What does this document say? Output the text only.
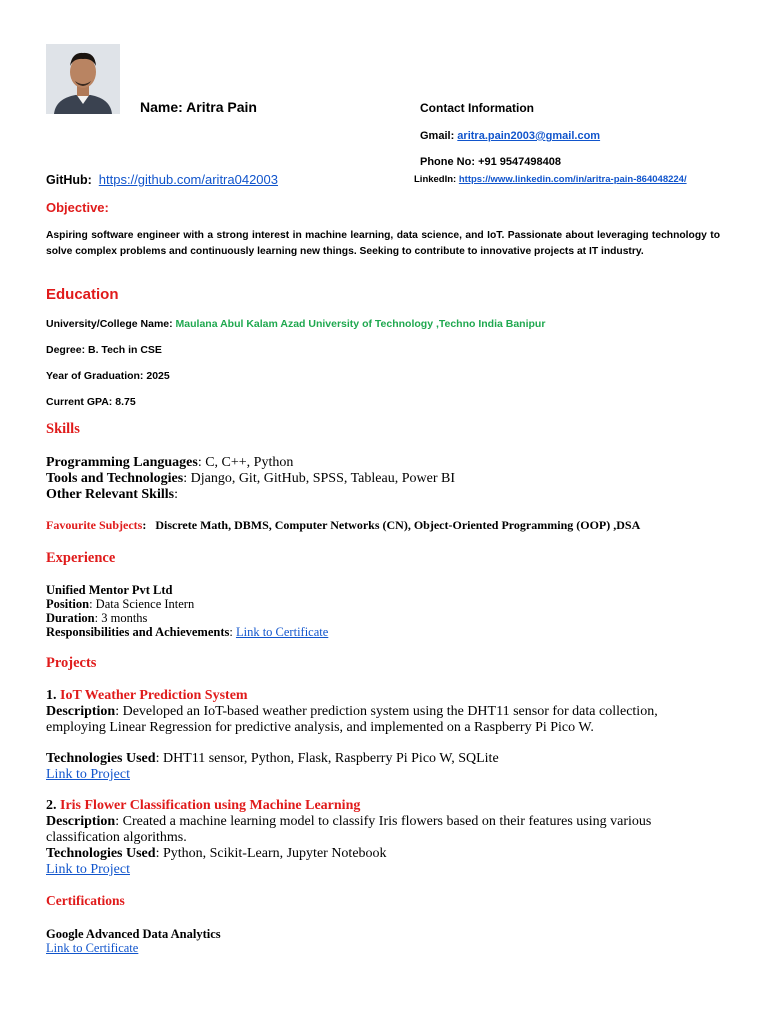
Name: Aritra Pain	Contact Information
Gmail: aritra.pain2003@gmail.com
Phone No: +91 9547498408
GitHub: https://github.com/aritra042003	LinkedIn: https://www.linkedin.com/in/aritra-pain-864048224/
Objective:
Aspiring software engineer with a strong interest in machine learning, data science, and IoT. Passionate about leveraging technology to solve complex problems and continuously learning new things. Seeking to contribute to innovative projects at IT industry.
Education
University/College Name: Maulana Abul Kalam Azad University of Technology ,Techno India Banipur
Degree: B. Tech in CSE
Year of Graduation: 2025
Current GPA: 8.75
Skills
Programming Languages: C, C++, Python
Tools and Technologies: Django, Git, GitHub, SPSS, Tableau, Power BI
Other Relevant Skills:
Favourite Subjects:   Discrete Math, DBMS, Computer Networks (CN), Object-Oriented Programming (OOP) ,DSA
Experience
Unified Mentor Pvt Ltd
Position: Data Science Intern
Duration: 3 months
Responsibilities and Achievements: Link to Certificate
Projects
1. IoT Weather Prediction System
Description: Developed an IoT-based weather prediction system using the DHT11 sensor for data collection,
employing Linear Regression for predictive analysis, and implemented on a Raspberry Pi Pico W.
Technologies Used: DHT11 sensor, Python, Flask, Raspberry Pi Pico W, SQLite
Link to Project
2. Iris Flower Classification using Machine Learning
Description: Created a machine learning model to classify Iris flowers based on their features using various
classification algorithms.
Technologies Used: Python, Scikit-Learn, Jupyter Notebook
Link to Project
Certifications
Google Advanced Data Analytics
Link to Certificate
